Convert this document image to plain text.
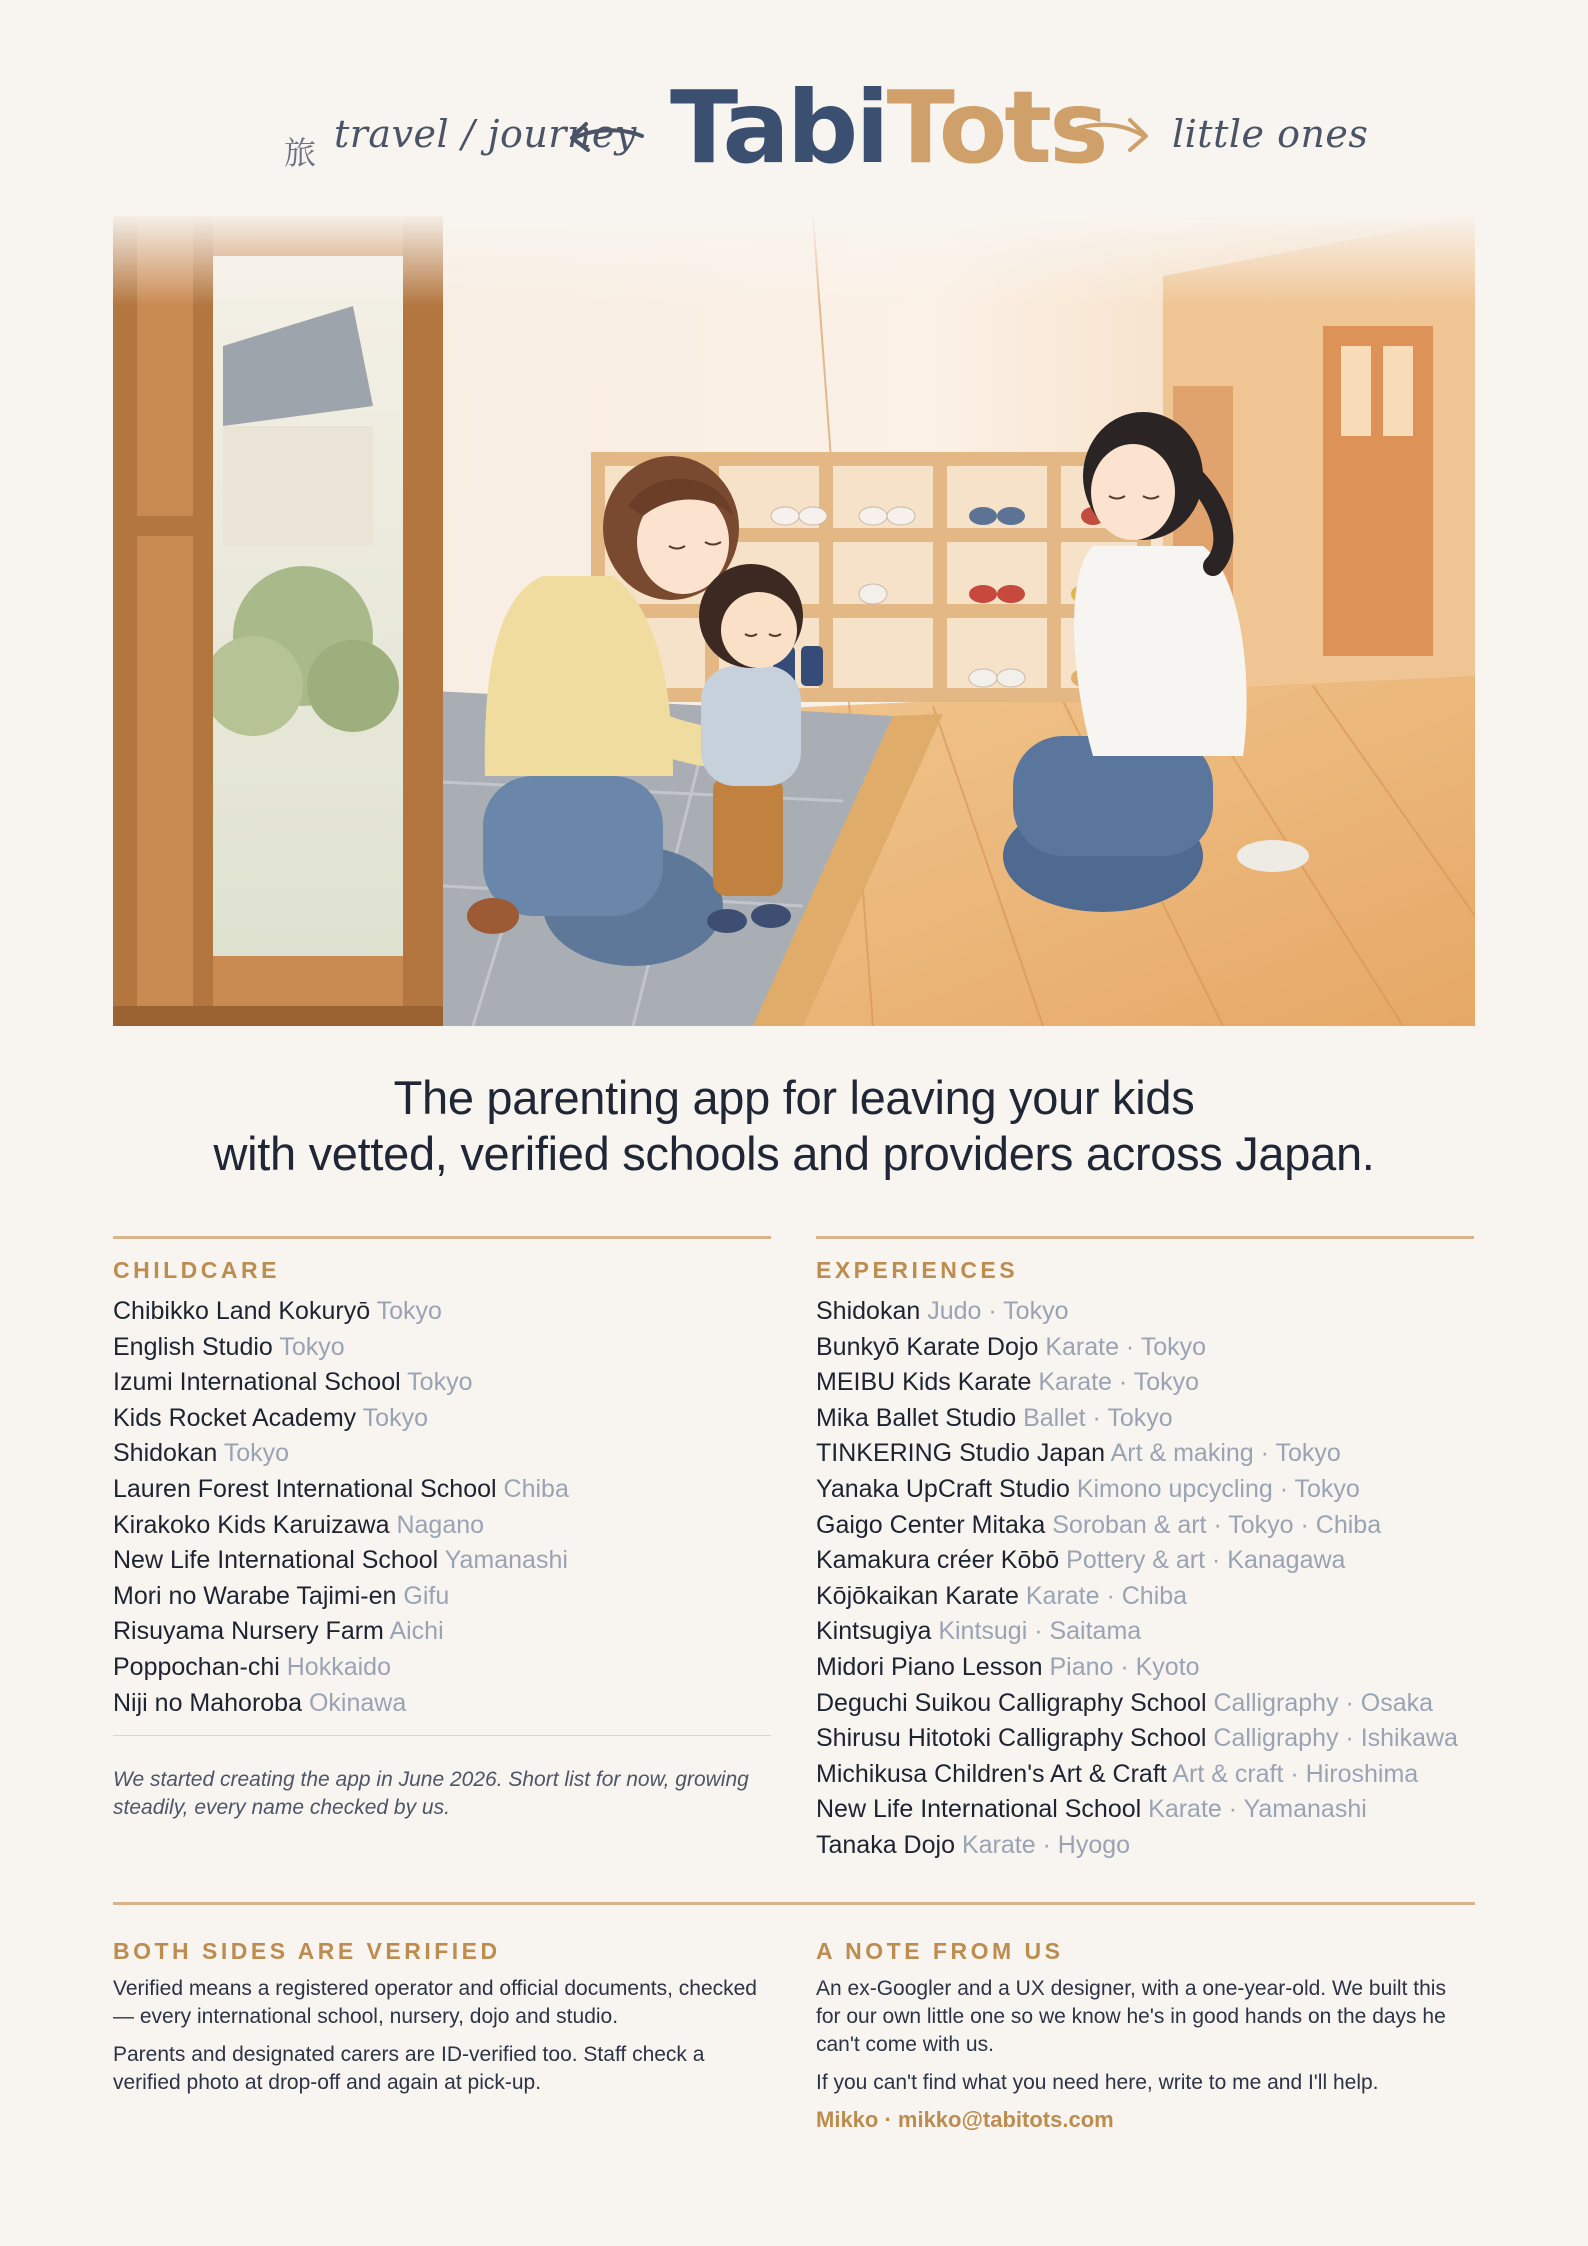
旅 travel / journey TabiTots little ones
The parenting app for leaving your kids
with vetted, verified schools and providers across Japan.
CHILDCARE
Chibikko Land Kokuryō Tokyo
English Studio Tokyo
Izumi International School Tokyo
Kids Rocket Academy Tokyo
Shidokan Tokyo
Lauren Forest International School Chiba
Kirakoko Kids Karuizawa Nagano
New Life International School Yamanashi
Mori no Warabe Tajimi-en Gifu
Risuyama Nursery Farm Aichi
Poppochan-chi Hokkaido
Niji no Mahoroba Okinawa
We started creating the app in June 2026. Short list for now, growing steadily, every name checked by us.
EXPERIENCES
Shidokan Judo · Tokyo
Bunkyō Karate Dojo Karate · Tokyo
MEIBU Kids Karate Karate · Tokyo
Mika Ballet Studio Ballet · Tokyo
TINKERING Studio Japan Art & making · Tokyo
Yanaka UpCraft Studio Kimono upcycling · Tokyo
Gaigo Center Mitaka Soroban & art · Tokyo · Chiba
Kamakura créer Kōbō Pottery & art · Kanagawa
Kōjōkaikan Karate Karate · Chiba
Kintsugiya Kintsugi · Saitama
Midori Piano Lesson Piano · Kyoto
Deguchi Suikou Calligraphy School Calligraphy · Osaka
Shirusu Hitotoki Calligraphy School Calligraphy · Ishikawa
Michikusa Children's Art & Craft Art & craft · Hiroshima
New Life International School Karate · Yamanashi
Tanaka Dojo Karate · Hyogo
BOTH SIDES ARE VERIFIED

Verified means a registered operator and official documents, checked — every international school, nursery, dojo and studio.

Parents and designated carers are ID-verified too. Staff check a verified photo at drop-off and again at pick-up.

A NOTE FROM US

An ex-Googler and a UX designer, with a one-year-old. We built this for our own little one so we know he's in good hands on the days he can't come with us.

If you can't find what you need here, write to me and I'll help.

Mikko · mikko@tabitots.com
